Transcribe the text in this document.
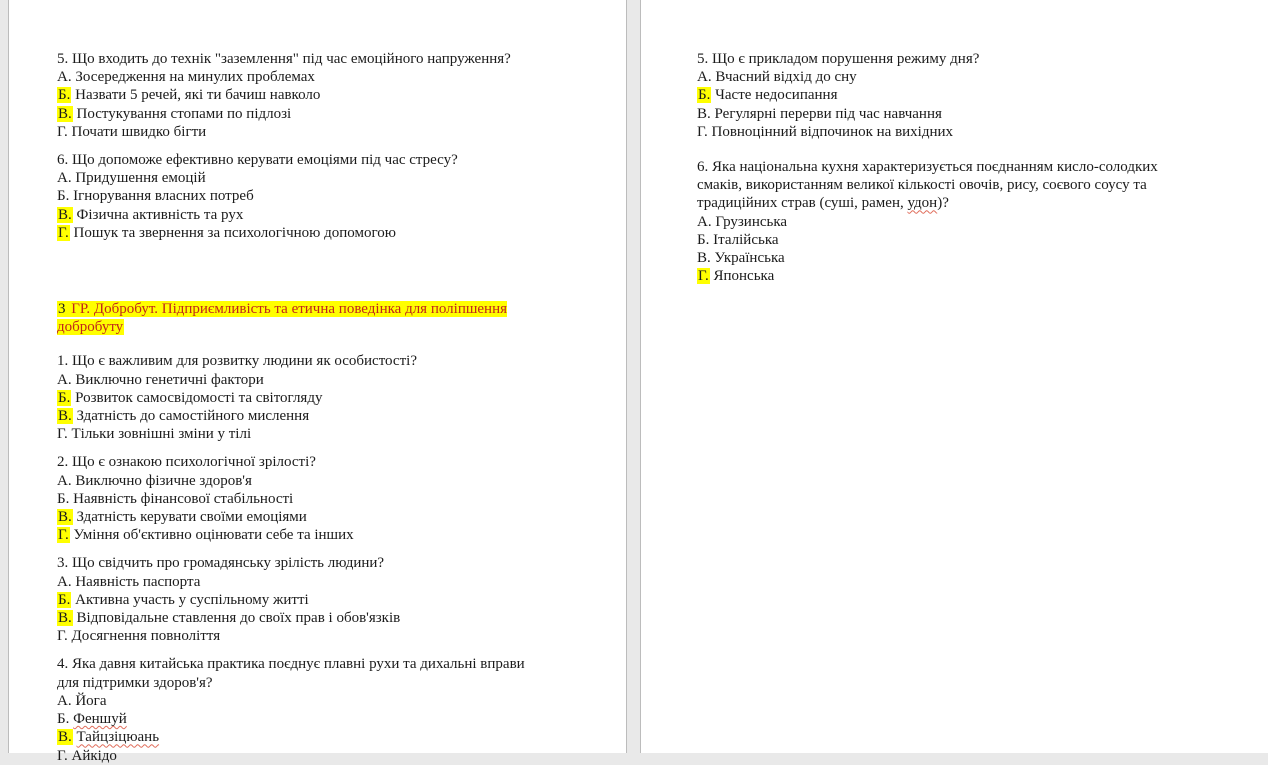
5. Що входить до технік "заземлення" під час емоційного напруження?
А. Зосередження на минулих проблемах
Б. Назвати 5 речей, які ти бачиш навколо
В. Постукування стопами по підлозі
Г. Почати швидко бігти
6. Що допоможе ефективно керувати емоціями під час стресу?
А. Придушення емоцій
Б. Ігнорування власних потреб
В. Фізична активність та рух
Г. Пошук та звернення за психологічною допомогою
3 ГР. Добробут. Підприємливість та етична поведінка для поліпшення добробуту
1. Що є важливим для розвитку людини як особистості?
А. Виключно генетичні фактори
Б. Розвиток самосвідомості та світогляду
В. Здатність до самостійного мислення
Г. Тільки зовнішні зміни у тілі
2. Що є ознакою психологічної зрілості?
А. Виключно фізичне здоров'я
Б. Наявність фінансової стабільності
В. Здатність керувати своїми емоціями
Г. Уміння об'єктивно оцінювати себе та інших
3. Що свідчить про громадянську зрілість людини?
А. Наявність паспорта
Б. Активна участь у суспільному житті
В. Відповідальне ставлення до своїх прав і обов'язків
Г. Досягнення повноліття
4. Яка давня китайська практика поєднує плавні рухи та дихальні вправи для підтримки здоров'я?
А. Йога
Б. Феншуй
В. Тайцзіцюань
Г. Айкідо
5. Що є прикладом порушення режиму дня?
А. Вчасний відхід до сну
Б. Часте недосипання
В. Регулярні перерви під час навчання
Г. Повноцінний відпочинок на вихідних
6. Яка національна кухня характеризується поєднанням кисло-солодких смаків, використанням великої кількості овочів, рису, соєвого соусу та традиційних страв (суші, рамен, удон)?
А. Грузинська
Б. Італійська
В. Українська
Г. Японська
